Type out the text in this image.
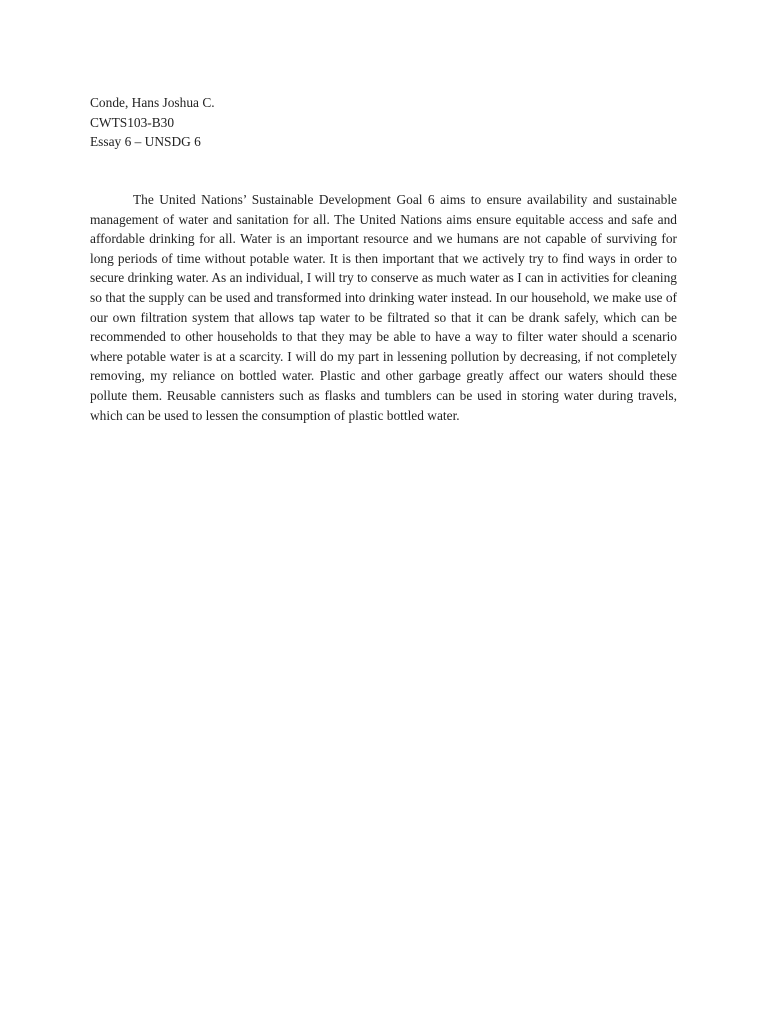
Conde, Hans Joshua C.
CWTS103-B30
Essay 6 – UNSDG 6

The United Nations’ Sustainable Development Goal 6 aims to ensure availability and sustainable management of water and sanitation for all. The United Nations aims ensure equitable access and safe and affordable drinking for all. Water is an important resource and we humans are not capable of surviving for long periods of time without potable water. It is then important that we actively try to find ways in order to secure drinking water. As an individual, I will try to conserve as much water as I can in activities for cleaning so that the supply can be used and transformed into drinking water instead. In our household, we make use of our own filtration system that allows tap water to be filtrated so that it can be drank safely, which can be recommended to other households to that they may be able to have a way to filter water should a scenario where potable water is at a scarcity. I will do my part in lessening pollution by decreasing, if not completely removing, my reliance on bottled water. Plastic and other garbage greatly affect our waters should these pollute them. Reusable cannisters such as flasks and tumblers can be used in storing water during travels, which can be used to lessen the consumption of plastic bottled water.
